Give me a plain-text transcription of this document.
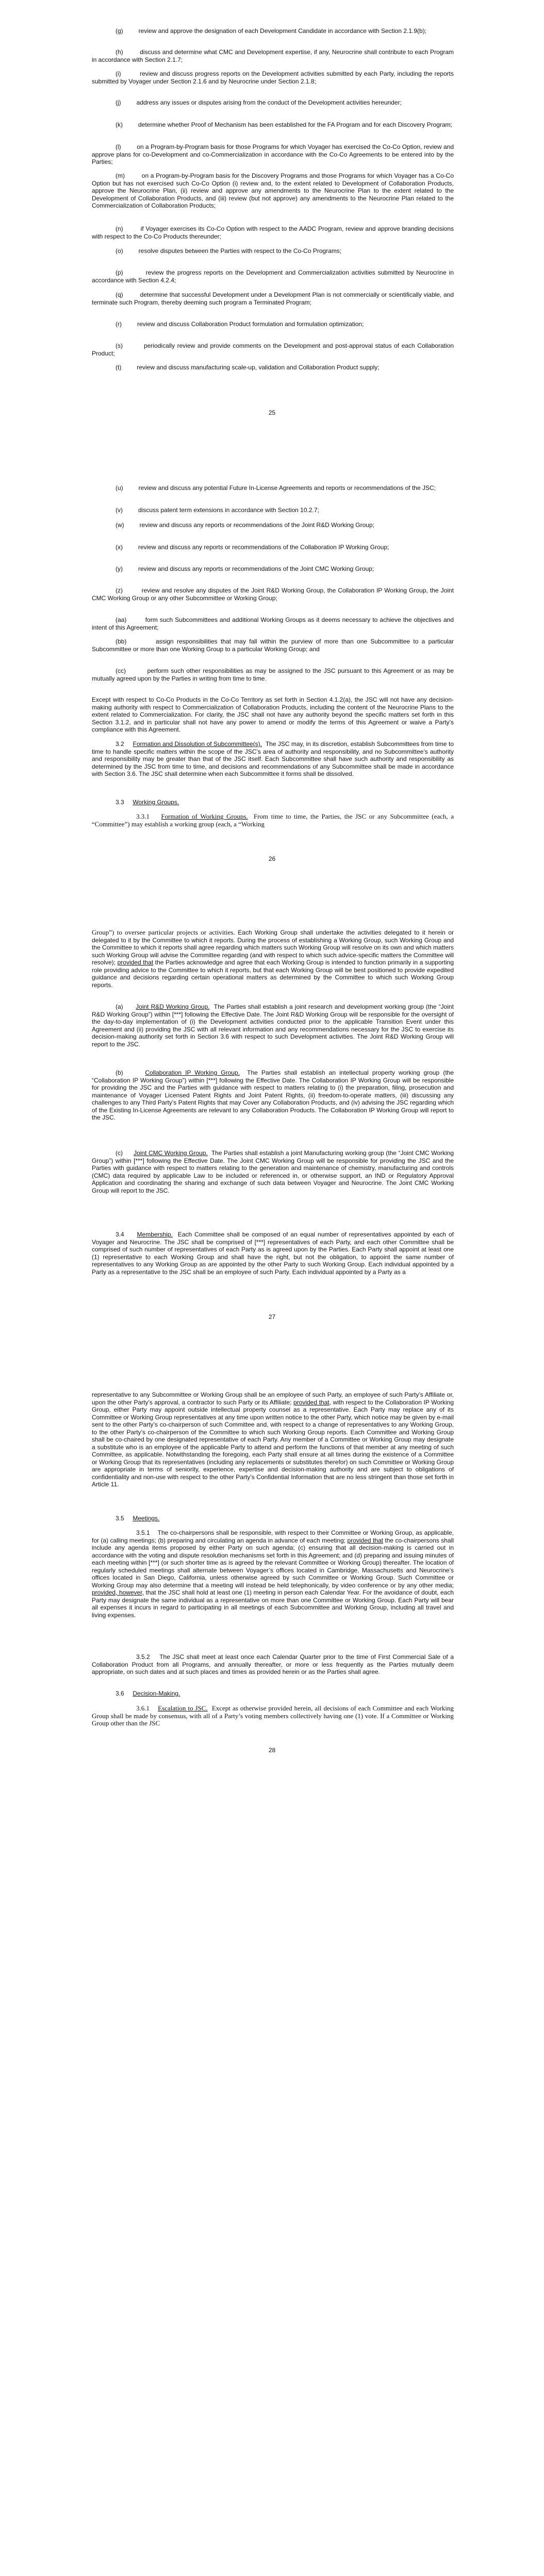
(g)         review and approve the designation of each Development Candidate in accordance with Section 2.1.9(b);

(h)         discuss and determine what CMC and Development expertise, if any, Neurocrine shall contribute to each Program in accordance with Section 2.1.7;

(i)         review and discuss progress reports on the Development activities submitted by each Party, including the reports submitted by Voyager under Section 2.1.6 and by Neurocrine under Section 2.1.8;

(j)         address any issues or disputes arising from the conduct of the Development activities hereunder;

(k)         determine whether Proof of Mechanism has been established for the FA Program and for each Discovery Program;

(l)         on a Program-by-Program basis for those Programs for which Voyager has exercised the Co-Co Option, review and approve plans for co-Development and co-Commercialization in accordance with the Co-Co Agreements to be entered into by the Parties;

(m)         on a Program-by-Program basis for the Discovery Programs and those Programs for which Voyager has a Co-Co Option but has not exercised such Co-Co Option (i) review and, to the extent related to Development of Collaboration Products, approve the Neurocrine Plan, (ii) review and approve any amendments to the Neurocrine Plan to the extent related to the Development of Collaboration Products, and (iii) review (but not approve) any amendments to the Neurocrine Plan related to the Commercialization of Collaboration Products;

(n)         if Voyager exercises its Co-Co Option with respect to the AADC Program, review and approve branding decisions with respect to the Co-Co Products thereunder;

(o)         resolve disputes between the Parties with respect to the Co-Co Programs;

(p)         review the progress reports on the Development and Commercialization activities submitted by Neurocrine in accordance with Section 4.2.4;

(q)         determine that successful Development under a Development Plan is not commercially or scientifically viable, and terminate such Program, thereby deeming such program a Terminated Program;

(r)         review and discuss Collaboration Product formulation and formulation optimization;

(s)         periodically review and provide comments on the Development and post-approval status of each Collaboration Product;

(t)         review and discuss manufacturing scale-up, validation and Collaboration Product supply;

25

(u)         review and discuss any potential Future In-License Agreements and reports or recommendations of the JSC;

(v)         discuss patent term extensions in accordance with Section 10.2.7;

(w)         review and discuss any reports or recommendations of the Joint R&D Working Group;

(x)         review and discuss any reports or recommendations of the Collaboration IP Working Group;

(y)         review and discuss any reports or recommendations of the Joint CMC Working Group;

(z)         review and resolve any disputes of the Joint R&D Working Group, the Collaboration IP Working Group, the Joint CMC Working Group or any other Subcommittee or Working Group;

(aa)         form such Subcommittees and additional Working Groups as it deems necessary to achieve the objectives and intent of this Agreement;

(bb)         assign responsibilities that may fall within the purview of more than one Subcommittee to a particular Subcommittee or more than one Working Group to a particular Working Group; and

(cc)         perform such other responsibilities as may be assigned to the JSC pursuant to this Agreement or as may be mutually agreed upon by the Parties in writing from time to time.

Except with respect to Co-Co Products in the Co-Co Territory as set forth in Section 4.1.2(a), the JSC will not have any decision-making authority with respect to Commercialization of Collaboration Products, including the content of the Neurocrine Plans to the extent related to Commercialization. For clarity, the JSC shall not have any authority beyond the specific matters set forth in this Section 3.1.2, and in particular shall not have any power to amend or modify the terms of this Agreement or waive a Party’s compliance with this Agreement.

3.2     Formation and Dissolution of Subcommittee(s). The JSC may, in its discretion, establish Subcommittees from time to time to handle specific matters within the scope of the JSC’s area of authority and responsibility, and no Subcommittee’s authority and responsibility may be greater than that of the JSC itself. Each Subcommittee shall have such authority and responsibility as determined by the JSC from time to time, and decisions and recommendations of any Subcommittee shall be made in accordance with Section 3.6. The JSC shall determine when each Subcommittee it forms shall be dissolved.

3.3     Working Groups.

3.3.1    Formation of Working Groups. From time to time, the Parties, the JSC or any Subcommittee (each, a “Committee”) may establish a working group (each, a “Working

26

Group”) to oversee particular projects or activities. Each Working Group shall undertake the activities delegated to it herein or delegated to it by the Committee to which it reports. During the process of establishing a Working Group, such Working Group and the Committee to which it reports shall agree regarding which matters such Working Group will resolve on its own and which matters such Working Group will advise the Committee regarding (and with respect to which such advice-specific matters the Committee will resolve); provided that the Parties acknowledge and agree that each Working Group is intended to function primarily in a supporting role providing advice to the Committee to which it reports, but that each Working Group will be best positioned to provide expedited guidance and decisions regarding certain operational matters as determined by the Committee to which such Working Group reports.

(a)      Joint R&D Working Group. The Parties shall establish a joint research and development working group (the “Joint R&D Working Group”) within [***] following the Effective Date. The Joint R&D Working Group will be responsible for the oversight of the day-to-day implementation of (i) the Development activities conducted prior to the applicable Transition Event under this Agreement and (ii) providing the JSC with all relevant information and any recommendations necessary for the JSC to exercise its decision-making authority set forth in Section 3.6 with respect to such Development activities. The Joint R&D Working Group will report to the JSC.

(b)      Collaboration IP Working Group. The Parties shall establish an intellectual property working group (the “Collaboration IP Working Group”) within [***] following the Effective Date. The Collaboration IP Working Group will be responsible for providing the JSC and the Parties with guidance with respect to matters relating to (i) the preparation, filing, prosecution and maintenance of Voyager Licensed Patent Rights and Joint Patent Rights, (ii) freedom-to-operate matters, (iii) discussing any challenges to any Third Party’s Patent Rights that may Cover any Collaboration Products, and (iv) advising the JSC regarding which of the Existing In-License Agreements are relevant to any Collaboration Products. The Collaboration IP Working Group will report to the JSC.

(c)      Joint CMC Working Group. The Parties shall establish a joint Manufacturing working group (the “Joint CMC Working Group”) within [***] following the Effective Date. The Joint CMC Working Group will be responsible for providing the JSC and the Parties with guidance with respect to matters relating to the generation and maintenance of chemistry, manufacturing and controls (CMC) data required by applicable Law to be included or referenced in, or otherwise support, an IND or Regulatory Approval Application and coordinating the sharing and exchange of such data between Voyager and Neurocrine. The Joint CMC Working Group will report to the JSC.

3.4     Membership. Each Committee shall be composed of an equal number of representatives appointed by each of Voyager and Neurocrine. The JSC shall be comprised of [***] representatives of each Party, and each other Committee shall be comprised of such number of representatives of each Party as is agreed upon by the Parties. Each Party shall appoint at least one (1) representative to each Working Group and shall have the right, but not the obligation, to appoint the same number of representatives to any Working Group as are appointed by the other Party to such Working Group. Each individual appointed by a Party as a representative to the JSC shall be an employee of such Party. Each individual appointed by a Party as a

27

representative to any Subcommittee or Working Group shall be an employee of such Party, an employee of such Party’s Affiliate or, upon the other Party’s approval, a contractor to such Party or its Affiliate; provided that, with respect to the Collaboration IP Working Group, either Party may appoint outside intellectual property counsel as a representative. Each Party may replace any of its Committee or Working Group representatives at any time upon written notice to the other Party, which notice may be given by e-mail sent to the other Party’s co-chairperson of such Committee and, with respect to a change of representatives to any Working Group, to the other Party’s co-chairperson of the Committee to which such Working Group reports. Each Committee and Working Group shall be co-chaired by one designated representative of each Party. Any member of a Committee or Working Group may designate a substitute who is an employee of the applicable Party to attend and perform the functions of that member at any meeting of such Committee, as applicable. Notwithstanding the foregoing, each Party shall ensure at all times during the existence of a Committee or Working Group that its representatives (including any replacements or substitutes therefor) on such Committee or Working Group are appropriate in terms of seniority, experience, expertise and decision-making authority and are subject to obligations of confidentiality and non-use with respect to the other Party’s Confidential Information that are no less stringent than those set forth in Article 11.

3.5     Meetings.

3.5.1    The co-chairpersons shall be responsible, with respect to their Committee or Working Group, as applicable, for (a) calling meetings; (b) preparing and circulating an agenda in advance of each meeting; provided that the co-chairpersons shall include any agenda items proposed by either Party on such agenda; (c) ensuring that all decision-making is carried out in accordance with the voting and dispute resolution mechanisms set forth in this Agreement; and (d) preparing and issuing minutes of each meeting within [***] (or such shorter time as is agreed by the relevant Committee or Working Group) thereafter. The location of regularly scheduled meetings shall alternate between Voyager’s offices located in Cambridge, Massachusetts and Neurocrine’s offices located in San Diego, California, unless otherwise agreed by such Committee or Working Group. Such Committee or Working Group may also determine that a meeting will instead be held telephonically, by video conference or by any other media; provided, however, that the JSC shall hold at least one (1) meeting in person each Calendar Year. For the avoidance of doubt, each Party may designate the same individual as a representative on more than one Committee or Working Group. Each Party will bear all expenses it incurs in regard to participating in all meetings of each Subcommittee and Working Group, including all travel and living expenses.

3.5.2    The JSC shall meet at least once each Calendar Quarter prior to the time of First Commercial Sale of a Collaboration Product from all Programs, and annually thereafter, or more or less frequently as the Parties mutually deem appropriate, on such dates and at such places and times as provided herein or as the Parties shall agree.

3.6     Decision-Making.

3.6.1    Escalation to JSC. Except as otherwise provided herein, all decisions of each Committee and each Working Group shall be made by consensus, with all of a Party’s voting members collectively having one (1) vote. If a Committee or Working Group other than the JSC

28
